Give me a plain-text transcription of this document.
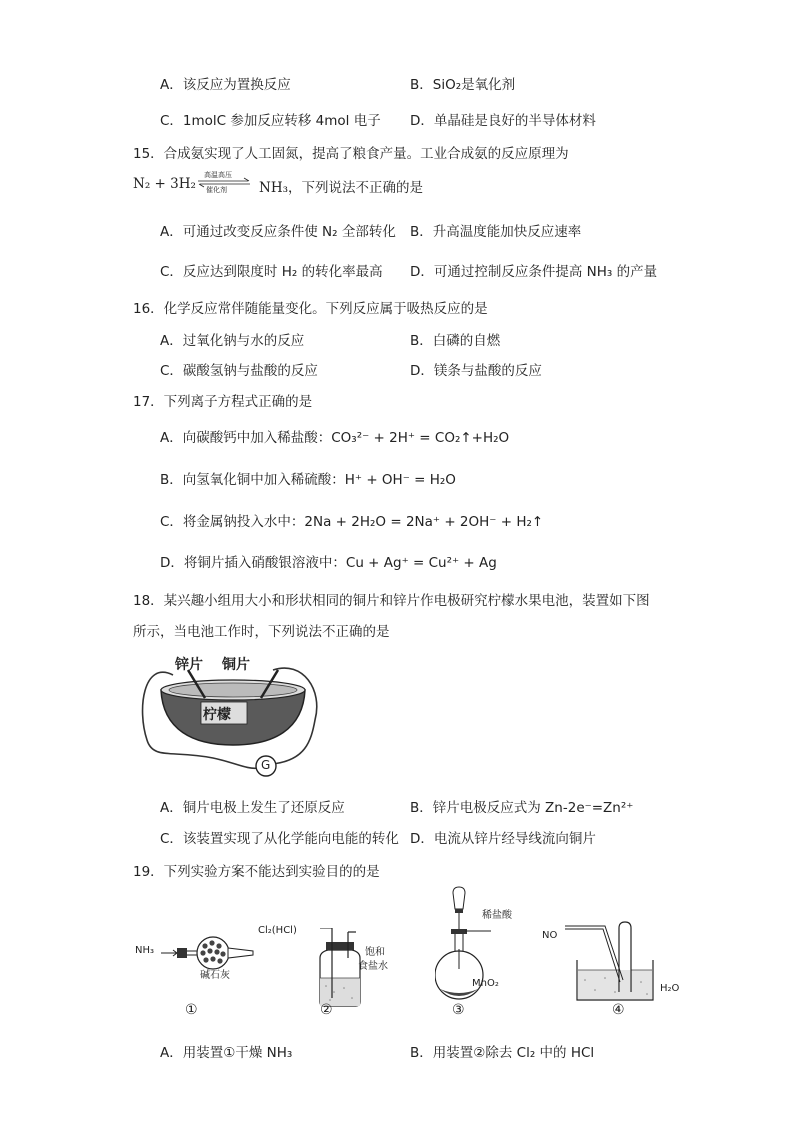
A．该反应为置换反应	B．SiO₂是氧化剂
C．1molC 参加反应转移 4mol 电子 D．单晶硅是良好的半导体材料
15．合成氨实现了人工固氮，提高了粮食产量。工业合成氨的反应原理为
N₂ + 3H₂
高温高压
催化剂 NH₃，下列说法不正确的是
A．可通过改变反应条件使 N₂ 全部转化 B．升高温度能加快反应速率
C．反应达到限度时 H₂ 的转化率最高 D．可通过控制反应条件提高 NH₃ 的产量
16．化学反应常伴随能量变化。下列反应属于吸热反应的是
A．过氧化钠与水的反应	B．白磷的自燃
C．碳酸氢钠与盐酸的反应	D．镁条与盐酸的反应
17．下列离子方程式正确的是
A．向碳酸钙中加入稀盐酸：CO₃²⁻ + 2H⁺ = CO₂↑+H₂O
B．向氢氧化铜中加入稀硫酸：H⁺ + OH⁻ = H₂O
C．将金属钠投入水中：2Na + 2H₂O = 2Na⁺ + 2OH⁻ + H₂↑
D．将铜片插入硝酸银溶液中：Cu + Ag⁺ = Cu²⁺ + Ag
18．某兴趣小组用大小和形状相同的铜片和锌片作电极研究柠檬水果电池，装置如下图
所示，当电池工作时，下列说法不正确的是
锌片 铜片
柠檬
G
A．铜片电极上发生了还原反应	B．锌片电极反应式为 Zn-2e⁻=Zn²⁺
C．该装置实现了从化学能向电能的转化 D．电流从锌片经导线流向铜片
19．下列实验方案不能达到实验目的的是
NH₃
碱石灰
①
Cl₂(HCl)
饱和
食盐水
②
稀盐酸
MnO₂
③
NO
H₂O
④
A．用装置①干燥 NH₃	B．用装置②除去 Cl₂ 中的 HCl
